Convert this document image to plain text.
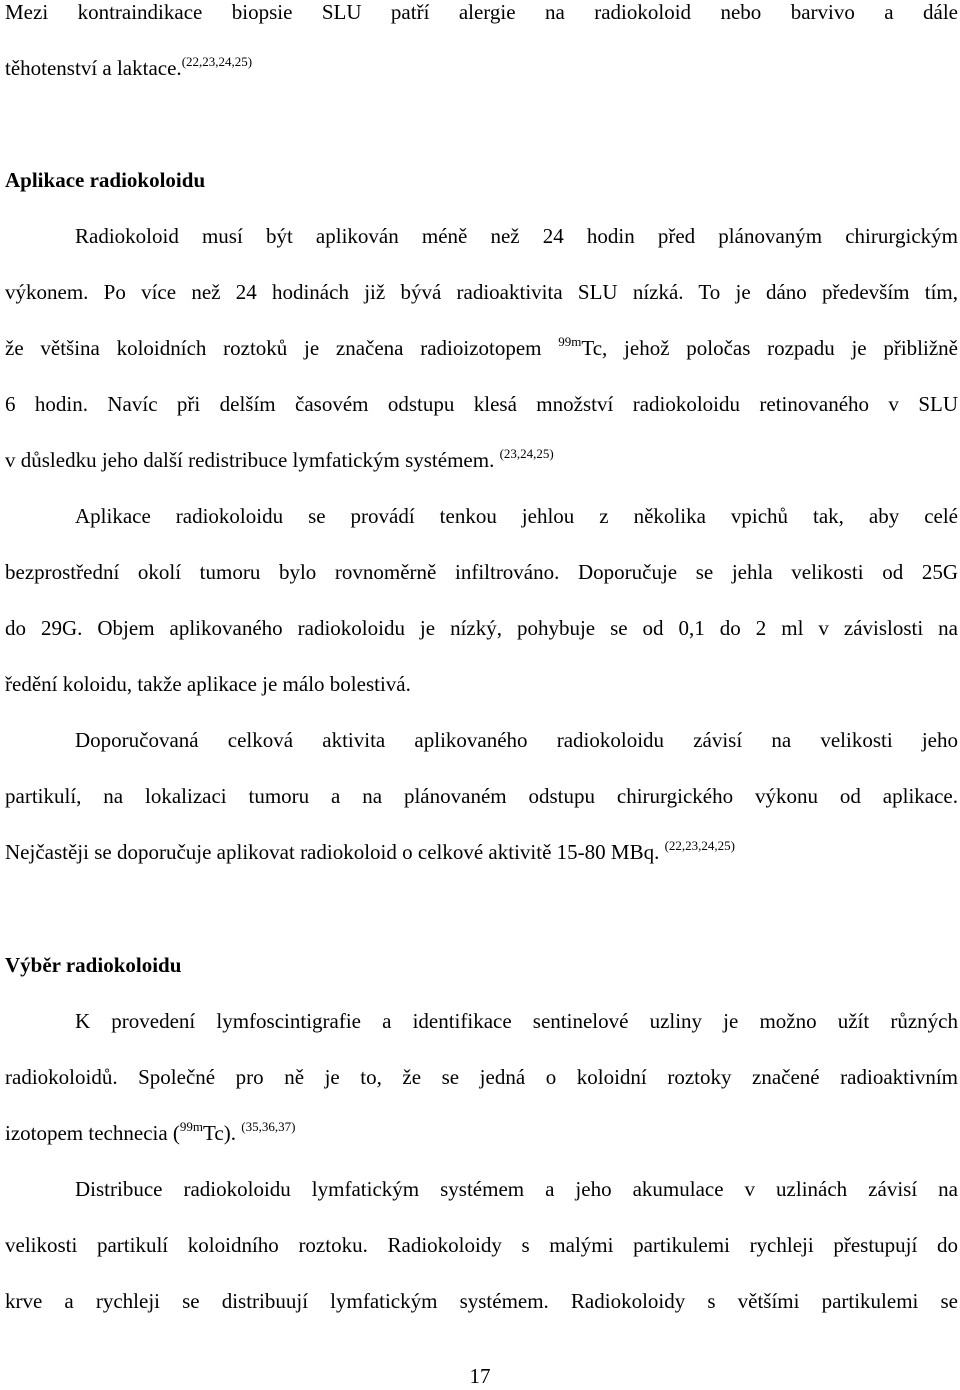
Mezi kontraindikace biopsie SLU patří alergie na radiokoloid nebo barvivo a dále
těhotenství a laktace.$^{(22,23,24,25)}$
Aplikace radiokoloidu
Radiokoloid musí být aplikován méně než 24 hodin před plánovaným chirurgickým
výkonem. Po více než 24 hodinách již bývá radioaktivita SLU nízká. To je dáno především tím,
že většina koloidních roztoků je značena radioizotopem $^{99m}$Tc, jehož poločas rozpadu je přibližně
6 hodin. Navíc při delším časovém odstupu klesá množství radiokoloidu retinovaného v SLU
v důsledku jeho další redistribuce lymfatickým systémem. $^{(23,24,25)}$
Aplikace radiokoloidu se provádí tenkou jehlou z několika vpichů tak, aby celé
bezprostřední okolí tumoru bylo rovnoměrně infiltrováno. Doporučuje se jehla velikosti od 25G
do 29G. Objem aplikovaného radiokoloidu je nízký, pohybuje se od 0,1 do 2 ml v závislosti na
ředění koloidu, takže aplikace je málo bolestivá.
Doporučovaná celková aktivita aplikovaného radiokoloidu závisí na velikosti jeho
partikulí, na lokalizaci tumoru a na plánovaném odstupu chirurgického výkonu od aplikace.
Nejčastěji se doporučuje aplikovat radiokoloid o celkové aktivitě 15-80 MBq. $^{(22,23,24,25)}$
Výběr radiokoloidu
K provedení lymfoscintigrafie a identifikace sentinelové uzliny je možno užít různých
radiokoloidů. Společné pro ně je to, že se jedná o koloidní roztoky značené radioaktivním
izotopem technecia ($^{99m}$Tc). $^{(35,36,37)}$
Distribuce radiokoloidu lymfatickým systémem a jeho akumulace v uzlinách závisí na
velikosti partikulí koloidního roztoku. Radiokoloidy s malými partikulemi rychleji přestupují do
krve a rychleji se distribuují lymfatickým systémem. Radiokoloidy s většími partikulemi se
17
